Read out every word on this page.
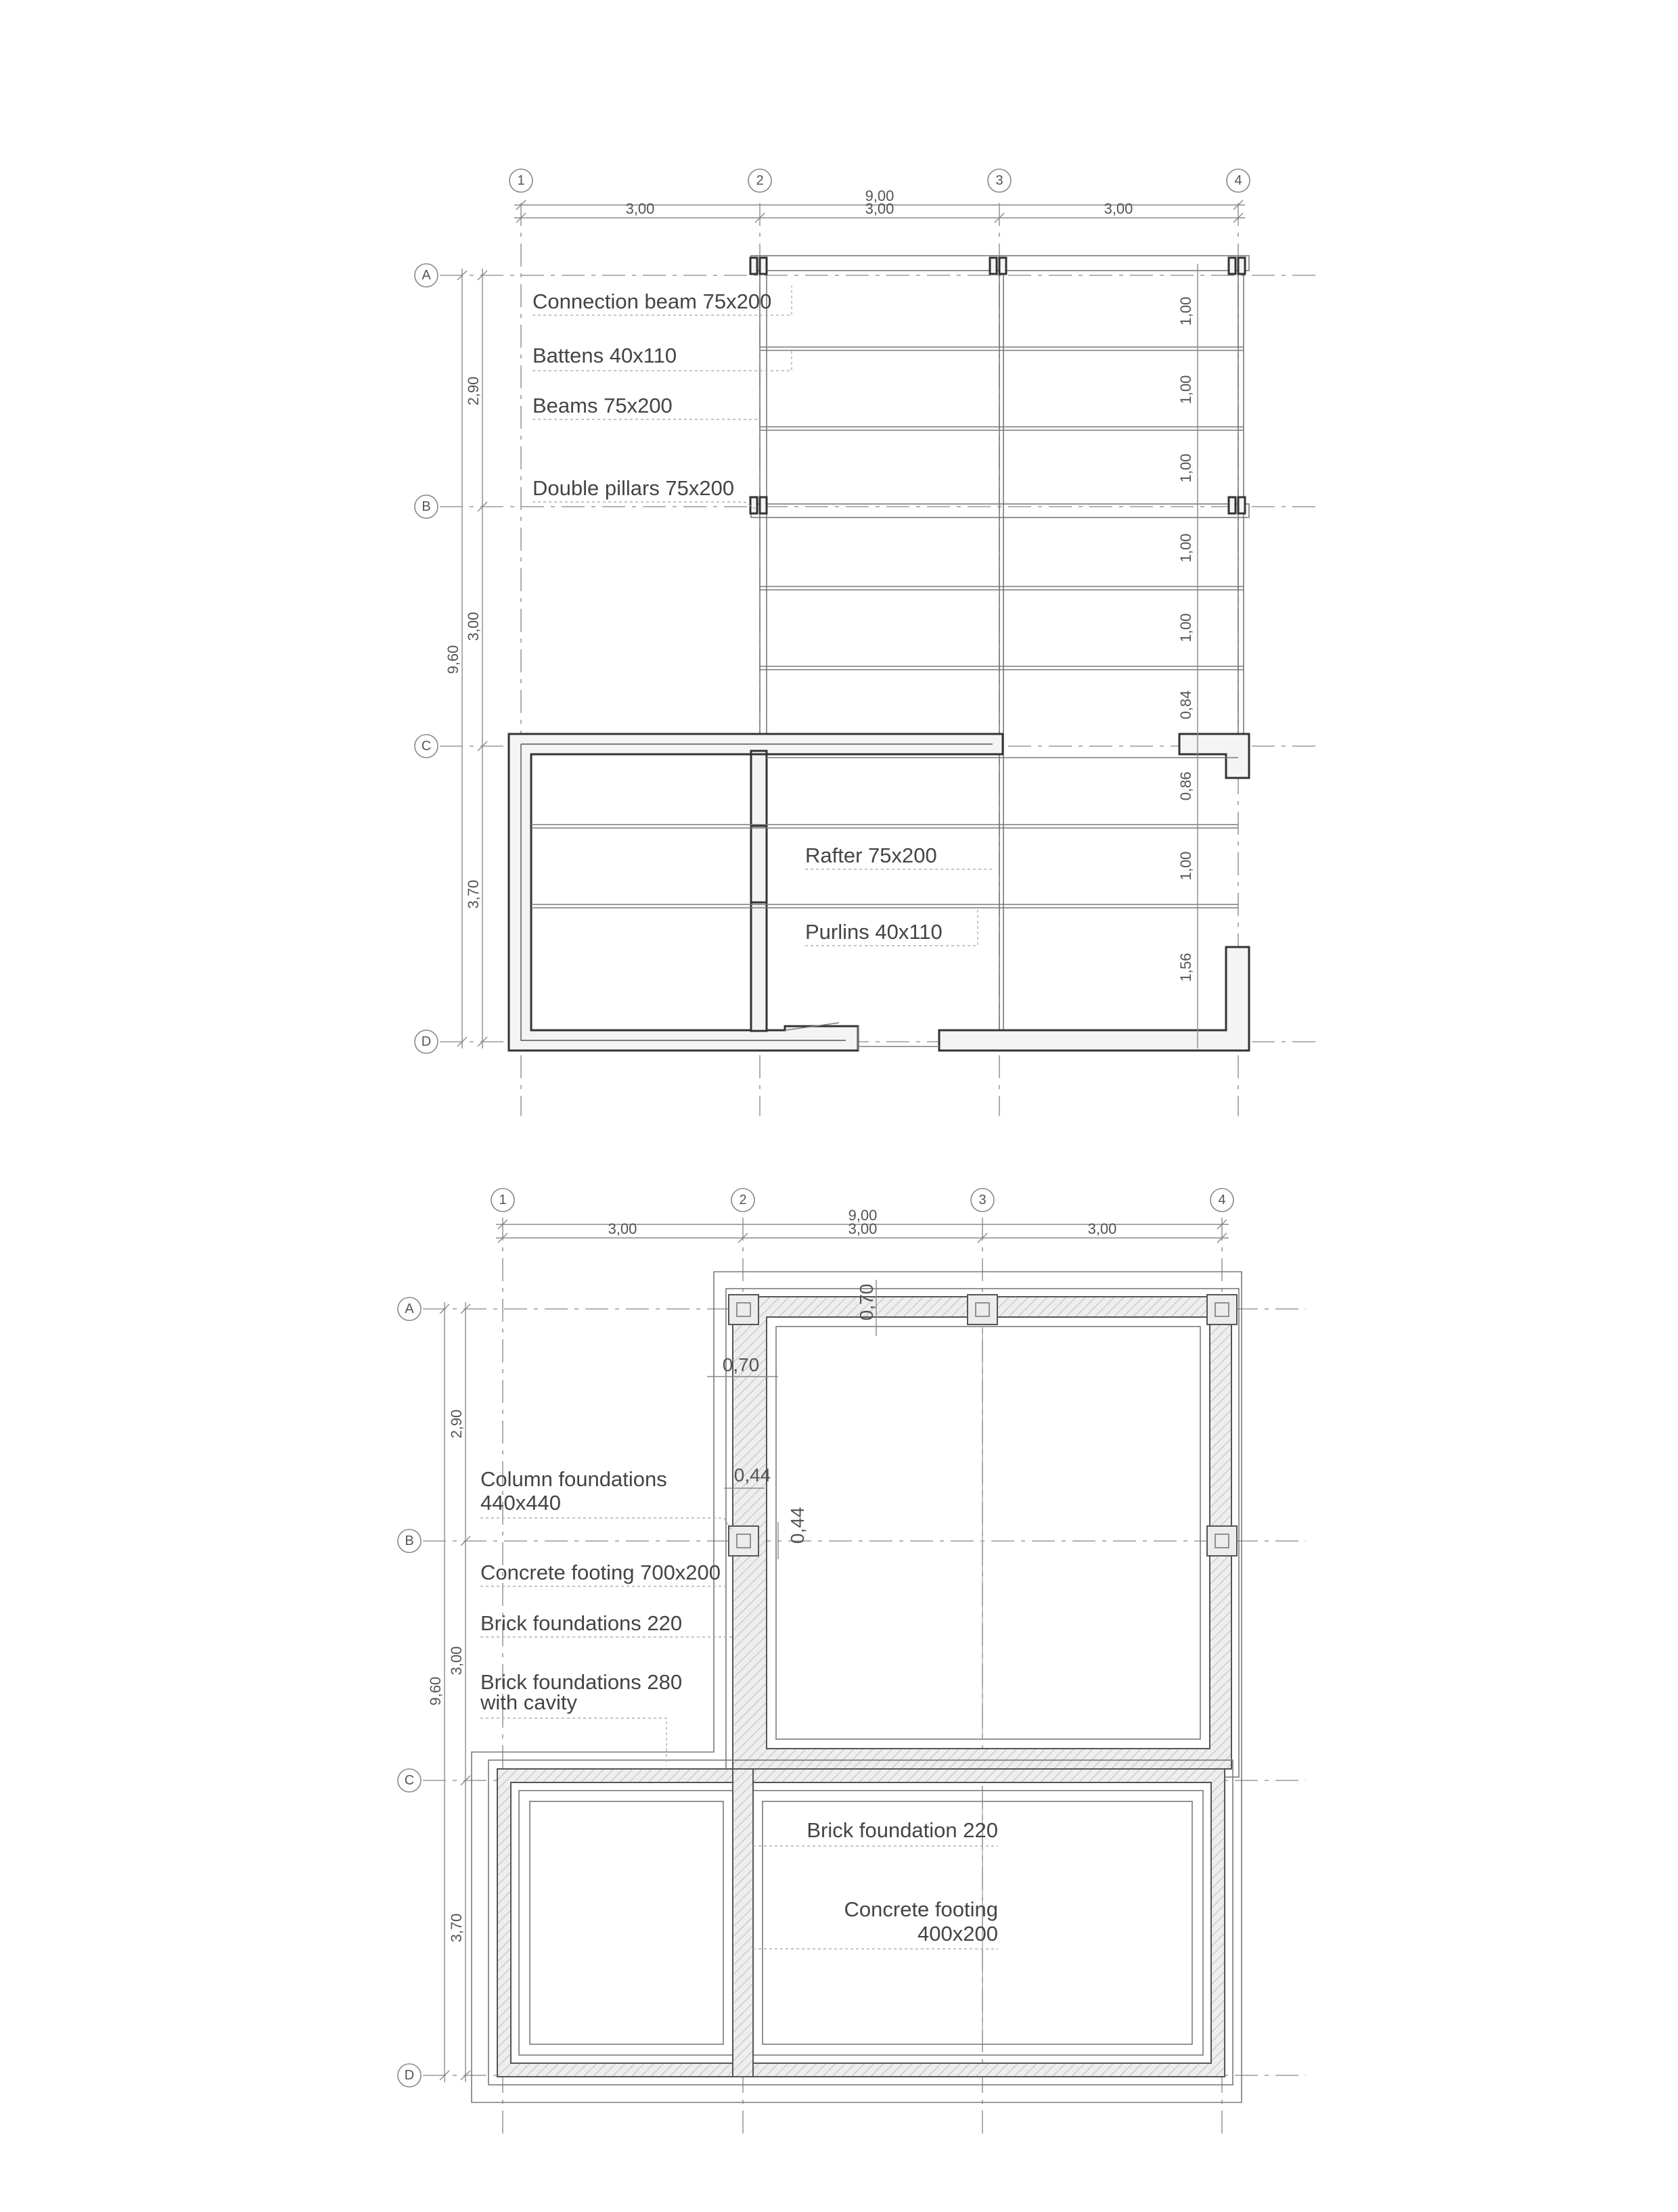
1	2	3	4
A
B
C
D
9,00
3,00	3,00	3,00
9,60
2,90
3,00
3,70
1,00
1,00
1,00
1,00
1,00
0,84
0,86
1,00
1,56
Connection beam 75x200
Battens 40x110
Beams 75x200
Double pillars 75x200
Rafter 75x200
Purlins 40x110
1	2	3	4
A
B
C
D
9,00
3,00	3,00	3,00
9,60
2,90
3,00
3,70
0,70
0,70
0,44
0,44
Column foundations
440x440
Concrete footing 700x200
Brick foundations 220
Brick foundations 280
with cavity
Brick foundation 220
Concrete footing
400x200
